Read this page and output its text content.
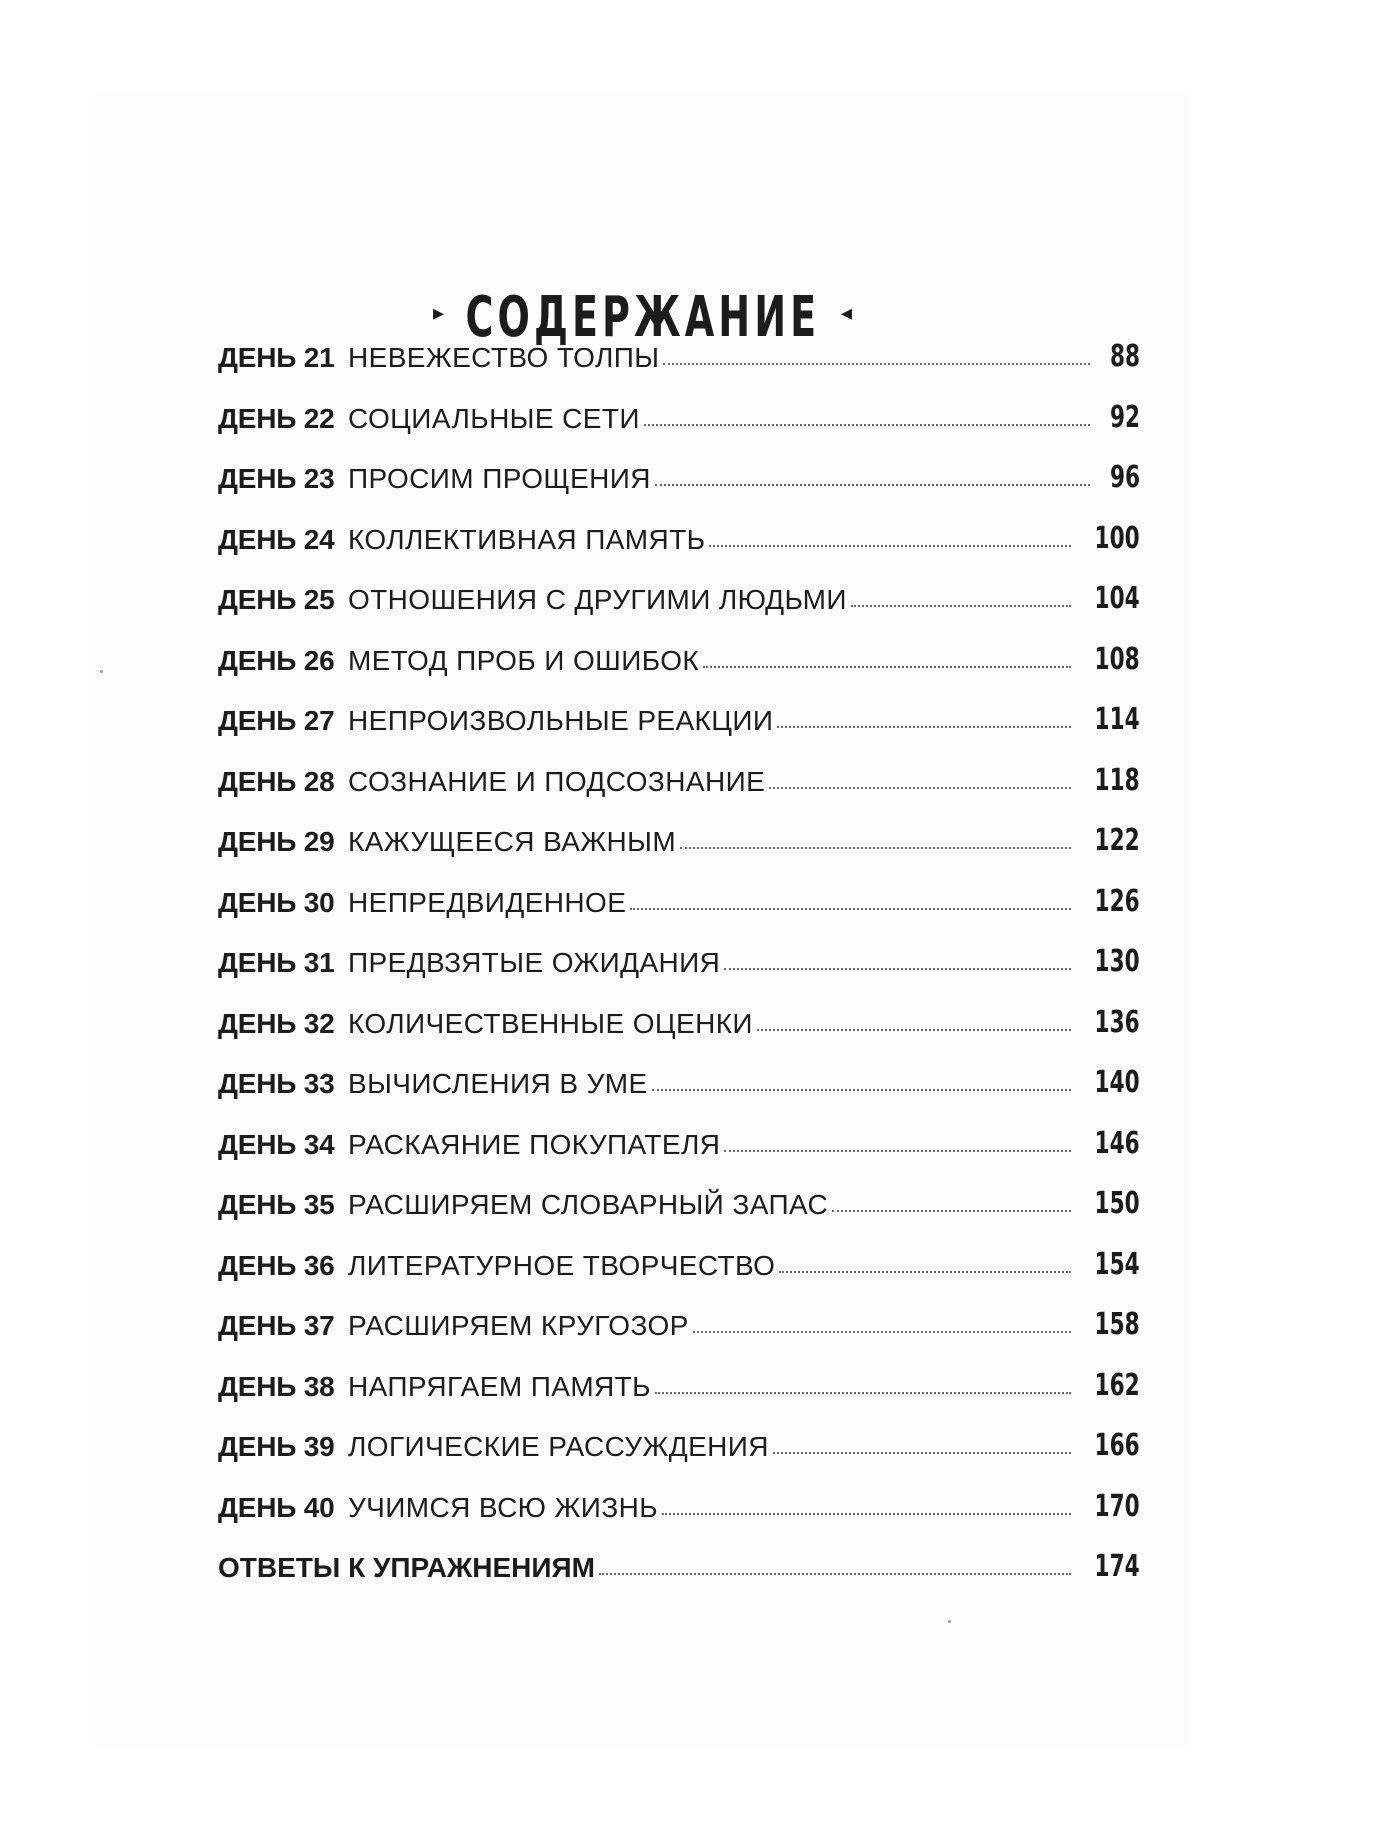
▸ СОДЕРЖАНИЕ ◂
ДЕНЬ 21 НЕВЕЖЕСТВО ТОЛПЫ	88
ДЕНЬ 22 СОЦИАЛЬНЫЕ СЕТИ	92
ДЕНЬ 23 ПРОСИМ ПРОЩЕНИЯ	96
ДЕНЬ 24 КОЛЛЕКТИВНАЯ ПАМЯТЬ	100
ДЕНЬ 25 ОТНОШЕНИЯ С ДРУГИМИ ЛЮДЬМИ	104
ДЕНЬ 26 МЕТОД ПРОБ И ОШИБОК	108
ДЕНЬ 27 НЕПРОИЗВОЛЬНЫЕ РЕАКЦИИ	114
ДЕНЬ 28 СОЗНАНИЕ И ПОДСОЗНАНИЕ	118
ДЕНЬ 29 КАЖУЩЕЕСЯ ВАЖНЫМ	122
ДЕНЬ 30 НЕПРЕДВИДЕННОЕ	126
ДЕНЬ 31 ПРЕДВЗЯТЫЕ ОЖИДАНИЯ	130
ДЕНЬ 32 КОЛИЧЕСТВЕННЫЕ ОЦЕНКИ	136
ДЕНЬ 33 ВЫЧИСЛЕНИЯ В УМЕ	140
ДЕНЬ 34 РАСКАЯНИЕ ПОКУПАТЕЛЯ	146
ДЕНЬ 35 РАСШИРЯЕМ СЛОВАРНЫЙ ЗАПАС	150
ДЕНЬ 36 ЛИТЕРАТУРНОЕ ТВОРЧЕСТВО	154
ДЕНЬ 37 РАСШИРЯЕМ КРУГОЗОР	158
ДЕНЬ 38 НАПРЯГАЕМ ПАМЯТЬ	162
ДЕНЬ 39 ЛОГИЧЕСКИЕ РАССУЖДЕНИЯ	166
ДЕНЬ 40 УЧИМСЯ ВСЮ ЖИЗНЬ	170
ОТВЕТЫ К УПРАЖНЕНИЯМ	174
